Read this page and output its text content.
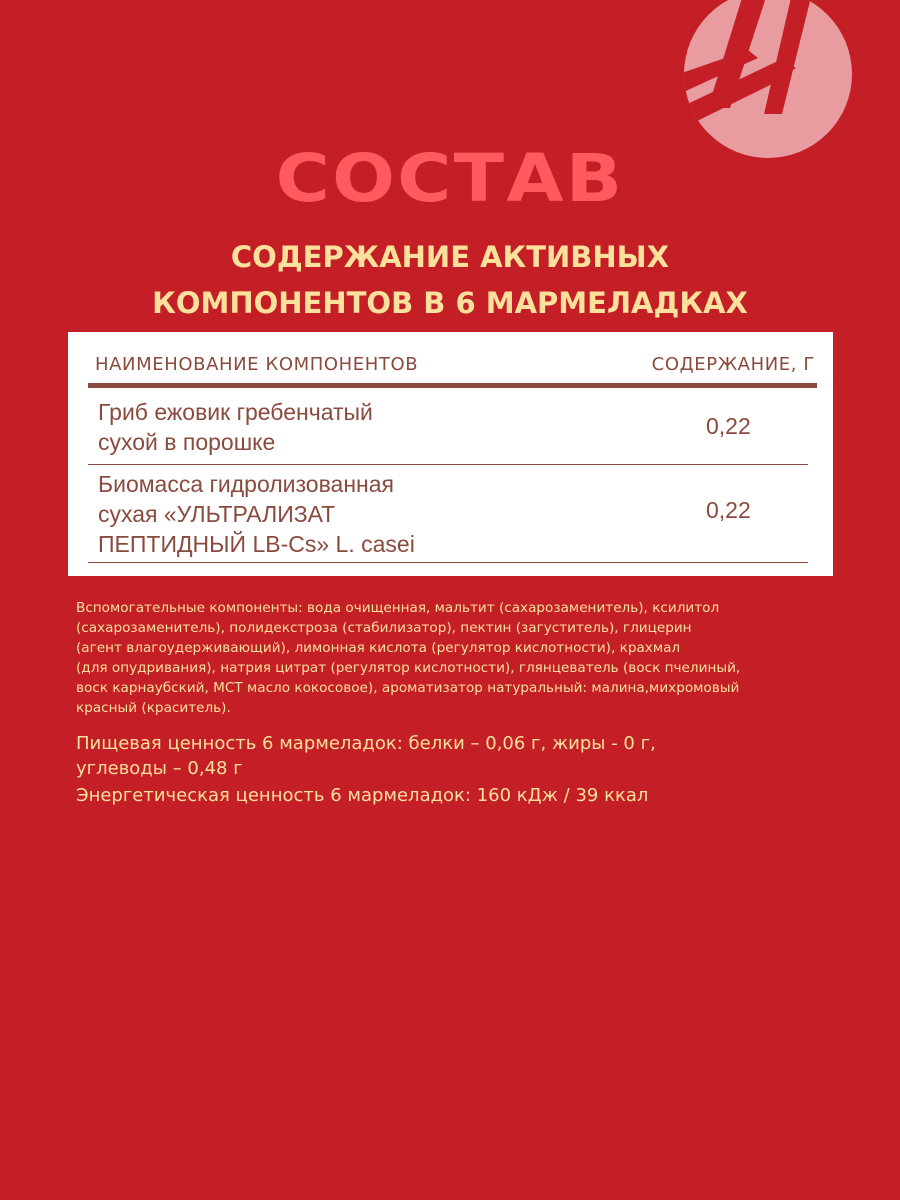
СОСТАВ
СОДЕРЖАНИЕ АКТИВНЫХ
КОМПОНЕНТОВ В 6 МАРМЕЛАДКАХ
НАИМЕНОВАНИЕ КОМПОНЕНТОВ	СОДЕРЖАНИЕ, Г
Гриб ежовик гребенчатый
сухой в порошке
0,22
Биомасса гидролизованная
сухая «УЛЬТРАЛИЗАТ
ПЕПТИДНЫЙ LB-Cs» L. casei
0,22
Вспомогательные компоненты: вода очищенная, мальтит (сахарозаменитель), ксилитол
(сахарозаменитель), полидекстроза (стабилизатор), пектин (загуститель), глицерин
(агент влагоудерживающий), лимонная кислота (регулятор кислотности), крахмал
(для опудривания), натрия цитрат (регулятор кислотности), глянцеватель (воск пчелиный,
воск карнаубский, МСТ масло кокосовое), ароматизатор натуральный: малина,михромовый
красный (краситель).
Пищевая ценность 6 мармеладок: белки – 0,06 г, жиры - 0 г,
углеводы – 0,48 г
Энергетическая ценность 6 мармеладок: 160 кДж / 39 ккал
